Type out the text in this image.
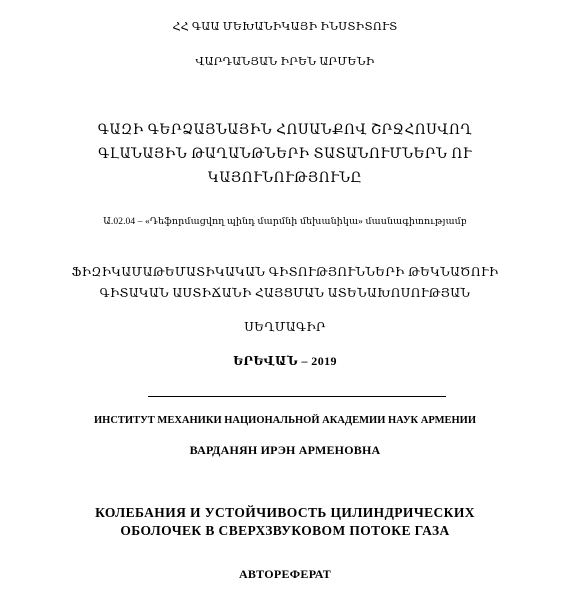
ՀՀ ԳԱԱ ՄԵԽԱՆԻԿԱՅԻ ԻՆՍՏԻՏՈՒՏ
ՎԱՐԴԱՆՅԱՆ ԻՐԵՆ ԱՐՄԵՆԻ
ԳԱԶԻ ԳԵՐՁԱՅՆԱՅԻՆ ՀՈՍԱՆՔՈՎ ՇՐՋՀՈՍՎՈՂ
ԳԼԱՆԱՅԻՆ ԹԱՂԱՆԹՆԵՐԻ ՏԱՏԱՆՈՒՄՆԵՐՆ ՈՒ
ԿԱՅՈՒՆՈՒԹՅՈՒՆԸ
Ա.02.04 – «Դեֆորմացվող պինդ մարմնի մեխանիկա» մասնագիտությամբ
ՖԻԶԻԿԱՄԱԹԵՄԱՏԻԿԱԿԱՆ ԳԻՏՈՒԹՅՈՒՆՆԵՐԻ ԹԵԿՆԱԾՈՒԻ
ԳԻՏԱԿԱՆ ԱՍՏԻՃԱՆԻ ՀԱՅՑՄԱՆ ԱՏԵՆԱԽՈՍՈՒԹՅԱՆ
ՍԵՂՄԱԳԻՐ
ԵՐԵՎԱՆ – 2019
ИНСТИТУТ МЕХАНИКИ НАЦИОНАЛЬНОЙ АКАДЕМИИ НАУК АРМЕНИИ
ВАРДАНЯН ИРЭН АРМЕНОВНА
КОЛЕБАНИЯ И УСТОЙЧИВОСТЬ ЦИЛИНДРИЧЕСКИХ
ОБОЛОЧЕК В СВЕРХЗВУКОВОМ ПОТОКЕ ГАЗА
АВТОРЕФЕРАТ
